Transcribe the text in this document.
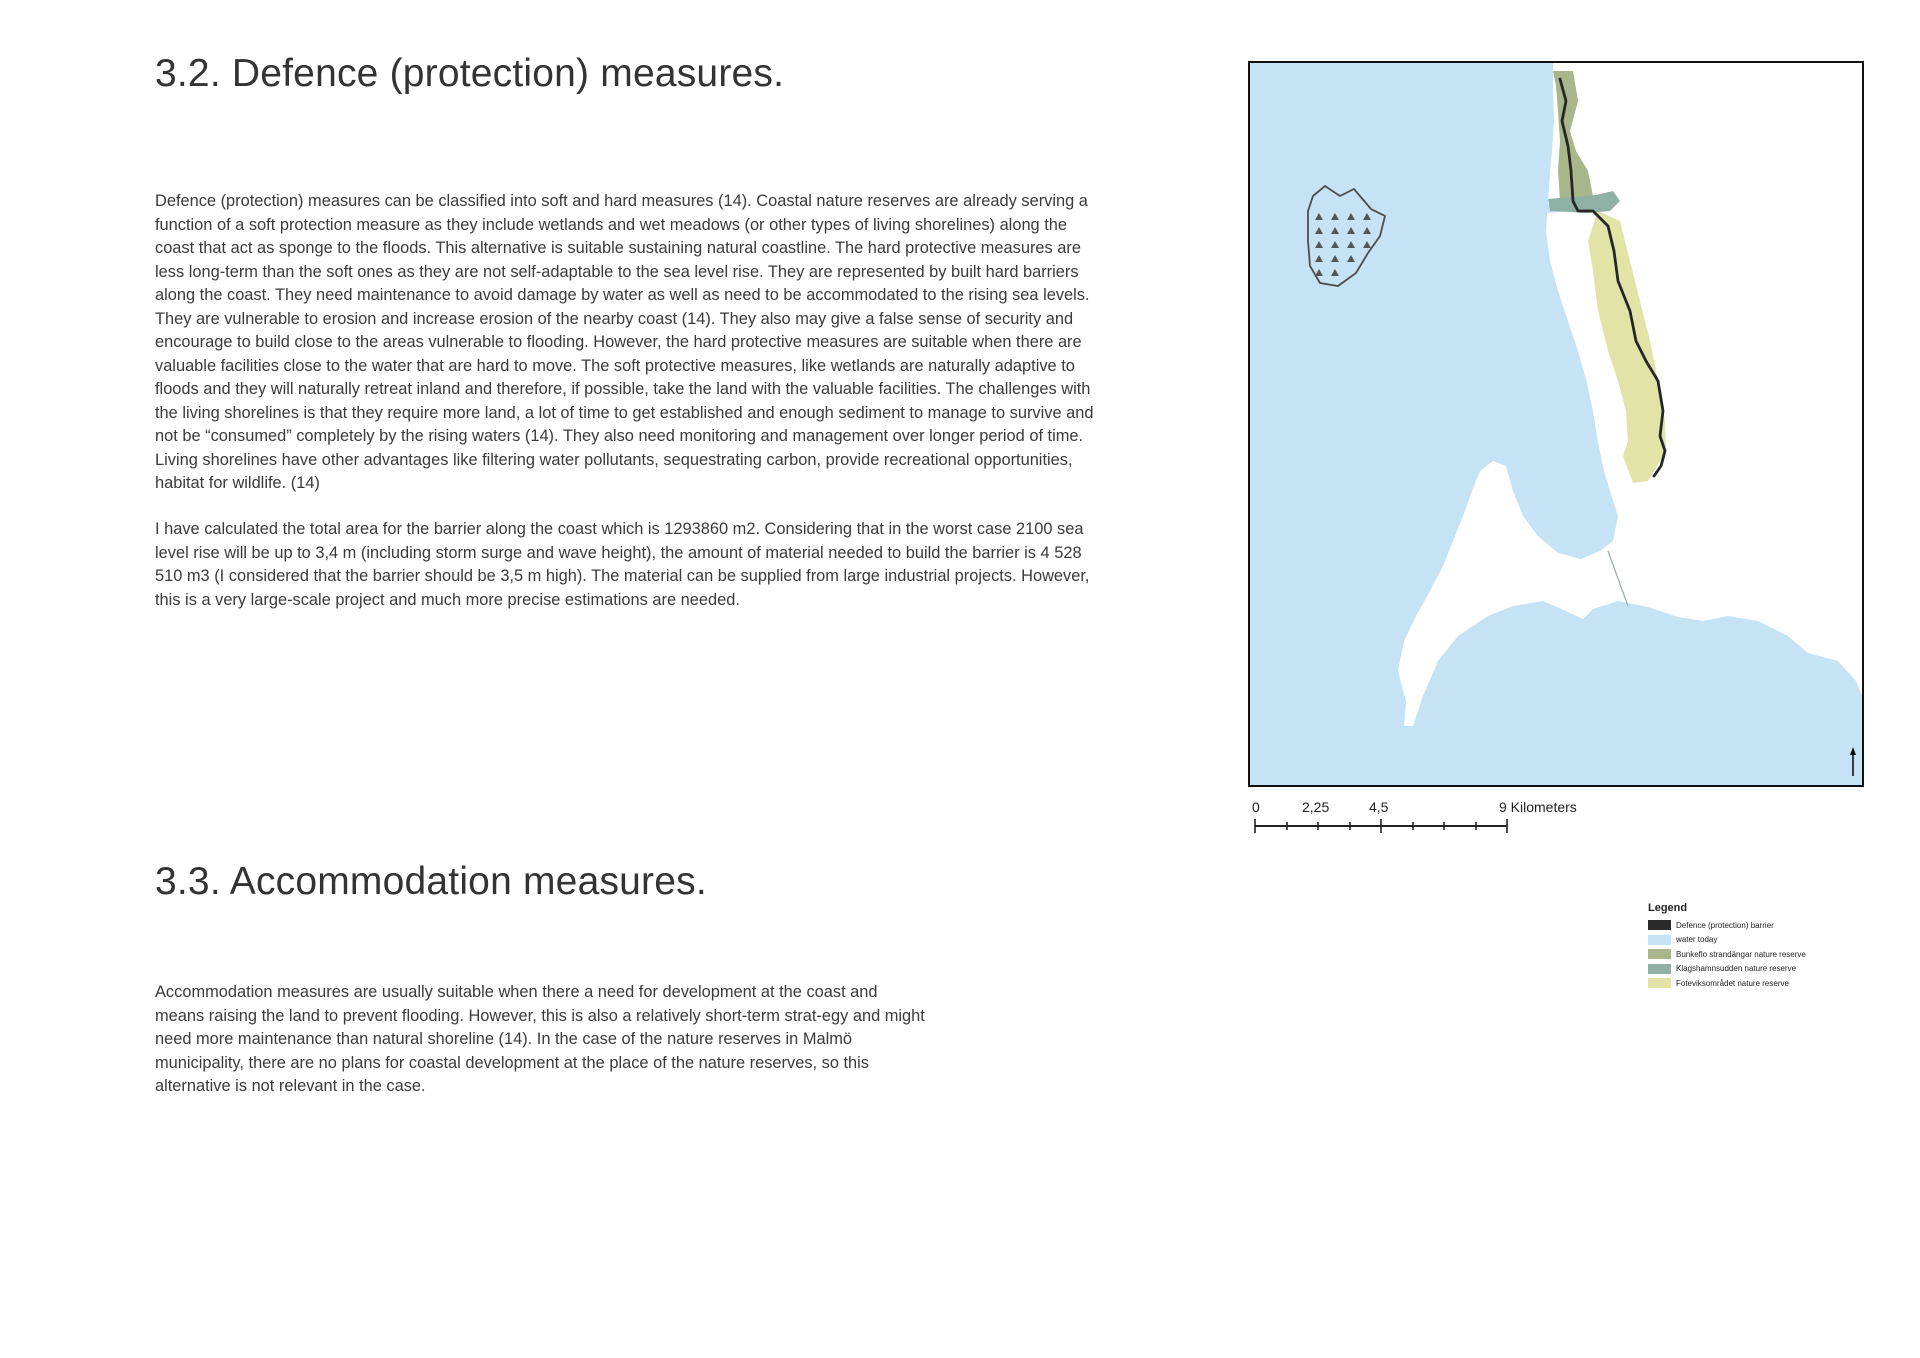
3.2. Defence (protection) measures.

Defence (protection) measures can be classified into soft and hard measures (14). Coastal nature reserves are already serving a function of a soft protection measure as they include wetlands and wet meadows (or other types of living shorelines) along the coast that act as sponge to the floods. This alternative is suitable sustaining natural coastline. The hard protective measures are less long-term than the soft ones as they are not self-adaptable to the sea level rise. They are represented by built hard barriers along the coast. They need maintenance to avoid damage by water as well as need to be accommodated to the rising sea levels. They are vulnerable to erosion and increase erosion of the nearby coast (14). They also may give a false sense of security and encourage to build close to the areas vulnerable to flooding. However, the hard protective measures are suitable when there are valuable facilities close to the water that are hard to move. The soft protective measures, like wetlands are naturally adaptive to floods and they will naturally retreat inland and therefore, if possible, take the land with the valuable facilities. The challenges with the living shorelines is that they require more land, a lot of time to get established and enough sediment to manage to survive and not be “consumed” completely by the rising waters (14). They also need monitoring and management over longer period of time. Living shorelines have other advantages like filtering water pollutants, sequestrating carbon, provide recreational opportunities, habitat for wildlife. (14)

I have calculated the total area for the barrier along the coast which is 1293860 m2. Considering that in the worst case 2100 sea level rise will be up to 3,4 m (including storm surge and wave height), the amount of material needed to build the barrier is 4 528 510 m3 (I considered that the barrier should be 3,5 m high). The material can be supplied from large industrial projects. However, this is a very large-scale project and much more precise estimations are needed.

3.3. Accommodation measures.

Accommodation measures are usually suitable when there a need for development at the coast and means raising the land to prevent flooding. However, this is also a relatively short-term strat-egy and might need more maintenance than natural shoreline (14). In the case of the nature reserves in Malmö municipality, there are no plans for coastal development at the place of the nature reserves, so this alternative is not relevant in the case.

0	2,25	4,5	9 Kilometers
Legend
Defence (protection) barrier
water today
Bunkeflo strandängar nature reserve
Klagshamnsudden nature reserve
Foteviksområdet nature reserve
